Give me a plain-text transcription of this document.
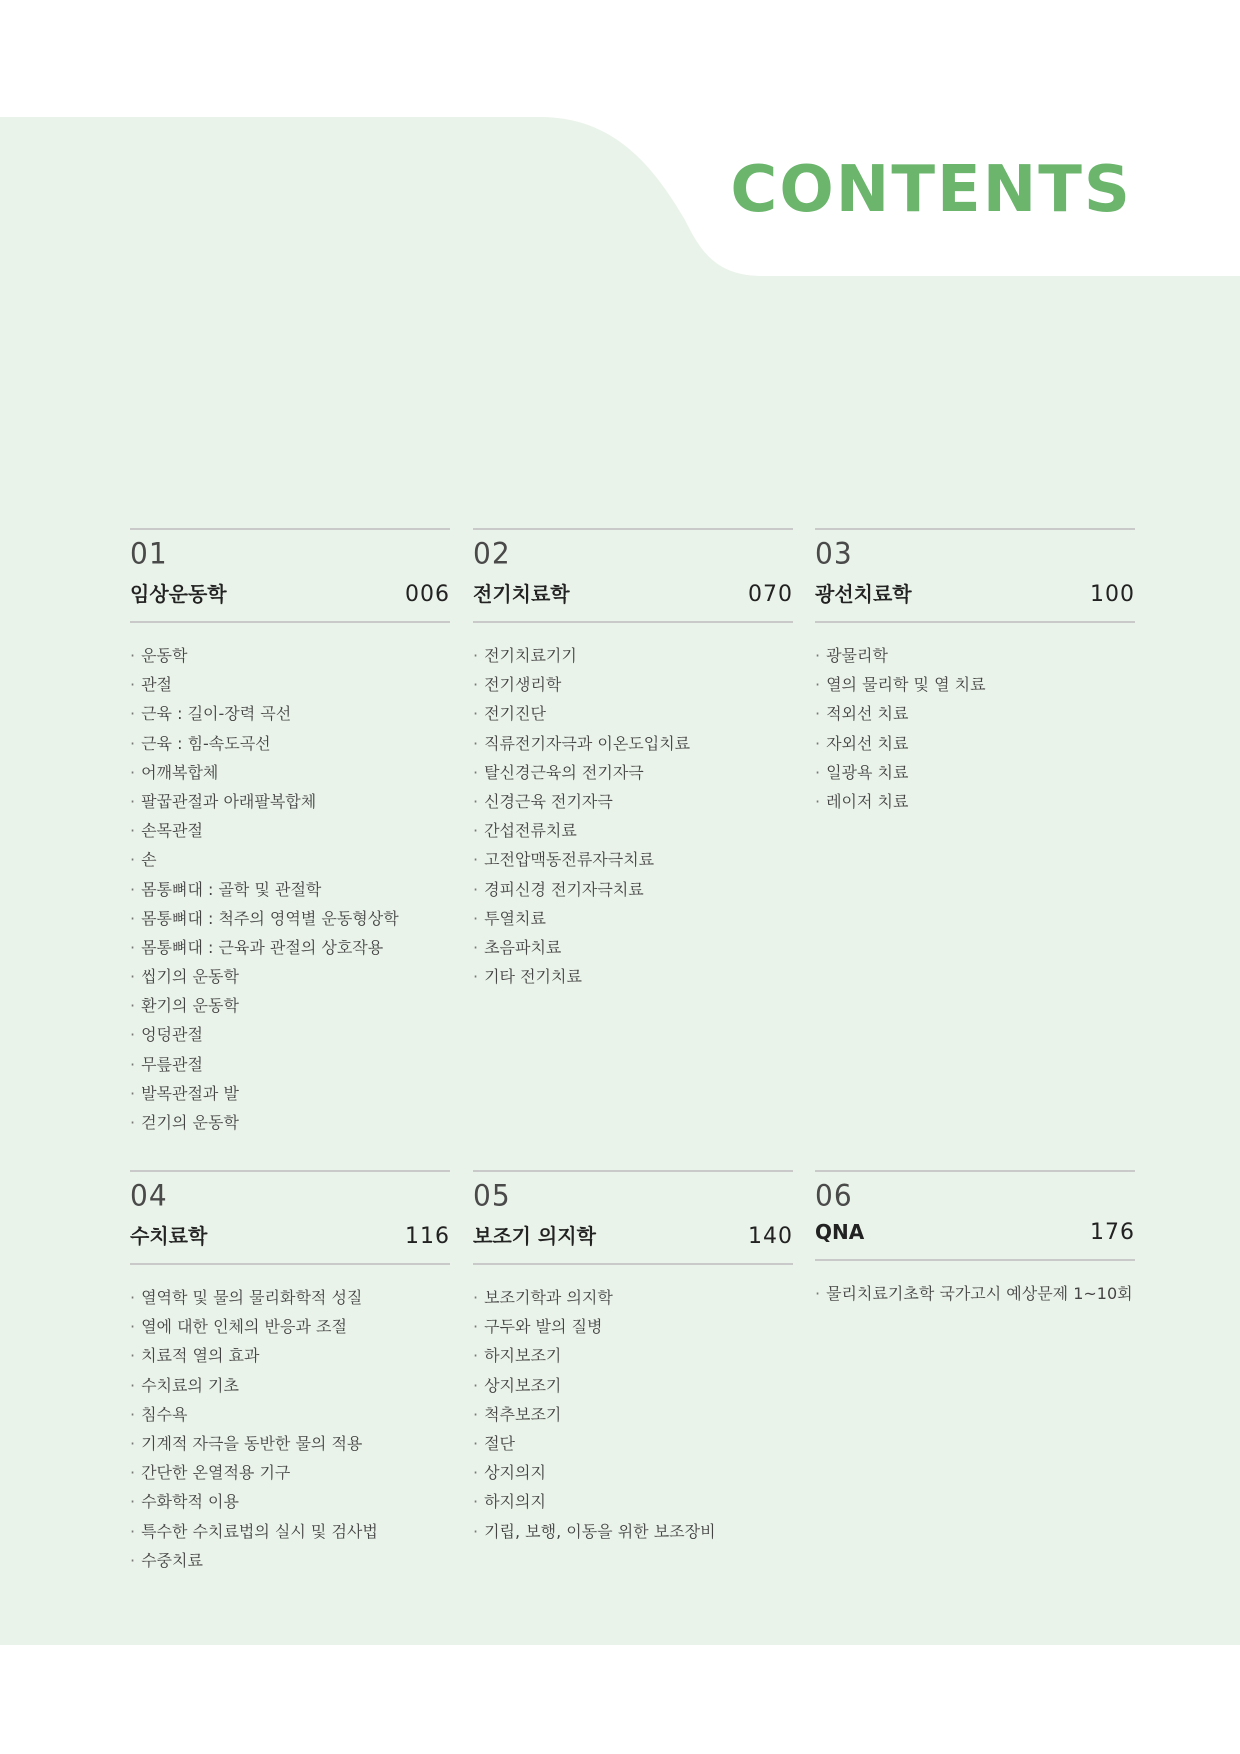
CONTENTS
01
임상운동학	006
· 운동학
· 관절
· 근육 : 길이-장력 곡선
· 근육 : 힘-속도곡선
· 어깨복합체
· 팔꿉관절과 아래팔복합체
· 손목관절
· 손
· 몸통뼈대 : 골학 및 관절학
· 몸통뼈대 : 척주의 영역별 운동형상학
· 몸통뼈대 : 근육과 관절의 상호작용
· 씹기의 운동학
· 환기의 운동학
· 엉덩관절
· 무릎관절
· 발목관절과 발
· 걷기의 운동학
02
전기치료학	070
· 전기치료기기
· 전기생리학
· 전기진단
· 직류전기자극과 이온도입치료
· 탈신경근육의 전기자극
· 신경근육 전기자극
· 간섭전류치료
· 고전압맥동전류자극치료
· 경피신경 전기자극치료
· 투열치료
· 초음파치료
· 기타 전기치료
03
광선치료학	100
· 광물리학
· 열의 물리학 및 열 치료
· 적외선 치료
· 자외선 치료
· 일광욕 치료
· 레이저 치료
04
수치료학	116
· 열역학 및 물의 물리화학적 성질
· 열에 대한 인체의 반응과 조절
· 치료적 열의 효과
· 수치료의 기초
· 침수욕
· 기계적 자극을 동반한 물의 적용
· 간단한 온열적용 기구
· 수화학적 이용
· 특수한 수치료법의 실시 및 검사법
· 수중치료
05
보조기 의지학	140
· 보조기학과 의지학
· 구두와 발의 질병
· 하지보조기
· 상지보조기
· 척추보조기
· 절단
· 상지의지
· 하지의지
· 기립, 보행, 이동을 위한 보조장비
06
QNA	176
· 물리치료기초학 국가고시 예상문제 1~10회
